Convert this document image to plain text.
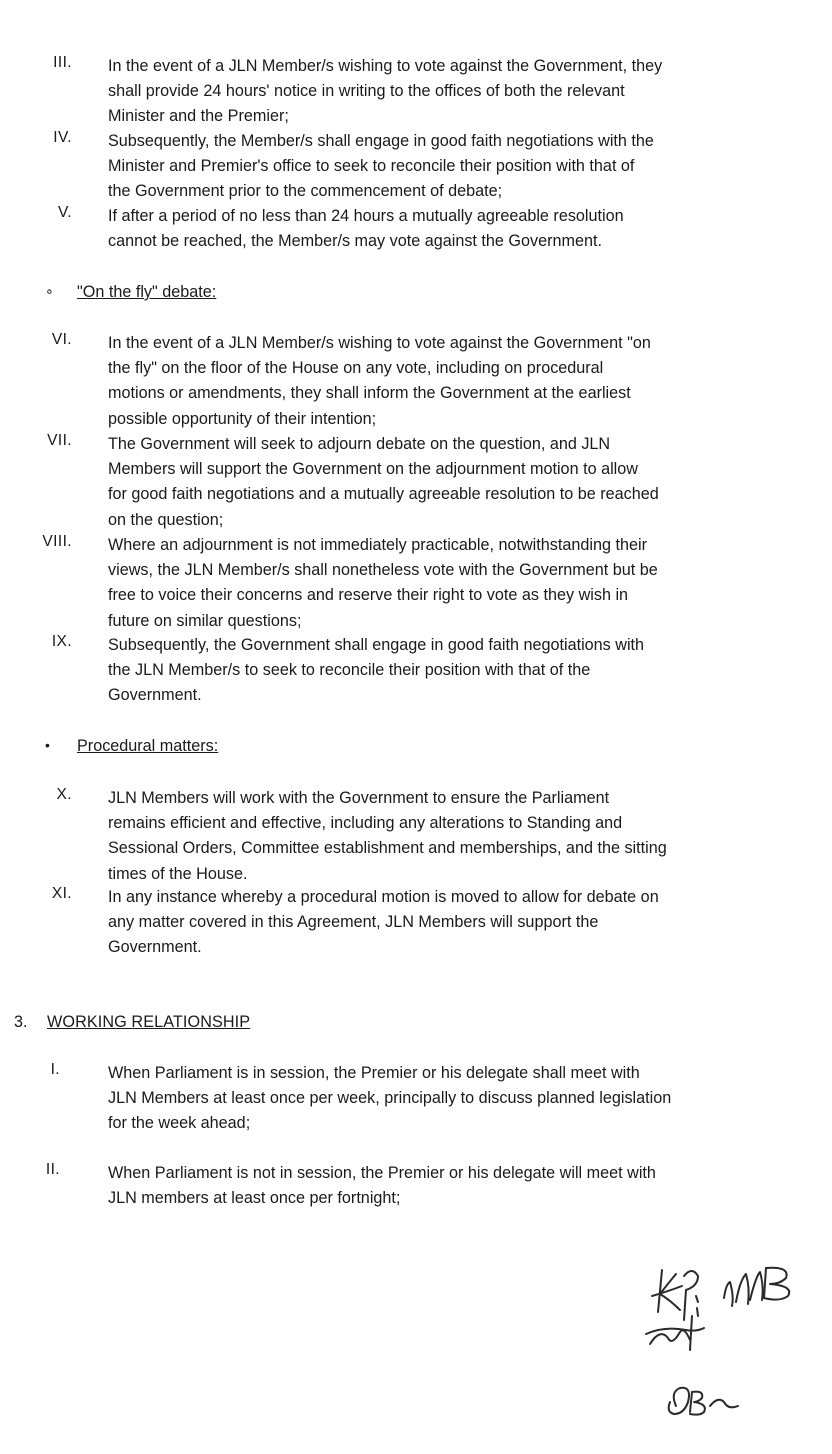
III. In the event of a JLN Member/s wishing to vote against the Government, they
shall provide 24 hours' notice in writing to the offices of both the relevant
Minister and the Premier;
IV. Subsequently, the Member/s shall engage in good faith negotiations with the
Minister and Premier's office to seek to reconcile their position with that of
the Government prior to the commencement of debate;
V. If after a period of no less than 24 hours a mutually agreeable resolution
cannot be reached, the Member/s may vote against the Government.
∘ "On the fly" debate:
VI. In the event of a JLN Member/s wishing to vote against the Government "on
the fly" on the floor of the House on any vote, including on procedural
motions or amendments, they shall inform the Government at the earliest
possible opportunity of their intention;
VII. The Government will seek to adjourn debate on the question, and JLN
Members will support the Government on the adjournment motion to allow
for good faith negotiations and a mutually agreeable resolution to be reached
on the question;
VIII. Where an adjournment is not immediately practicable, notwithstanding their
views, the JLN Member/s shall nonetheless vote with the Government but be
free to voice their concerns and reserve their right to vote as they wish in
future on similar questions;
IX. Subsequently, the Government shall engage in good faith negotiations with
the JLN Member/s to seek to reconcile their position with that of the
Government.
• Procedural matters:
X. JLN Members will work with the Government to ensure the Parliament
remains efficient and effective, including any alterations to Standing and
Sessional Orders, Committee establishment and memberships, and the sitting
times of the House.
XI. In any instance whereby a procedural motion is moved to allow for debate on
any matter covered in this Agreement, JLN Members will support the
Government.
3. WORKING RELATIONSHIP
I.	When Parliament is in session, the Premier or his delegate shall meet with
JLN Members at least once per week, principally to discuss planned legislation
for the week ahead;
II.	When Parliament is not in session, the Premier or his delegate will meet with
JLN members at least once per fortnight;
